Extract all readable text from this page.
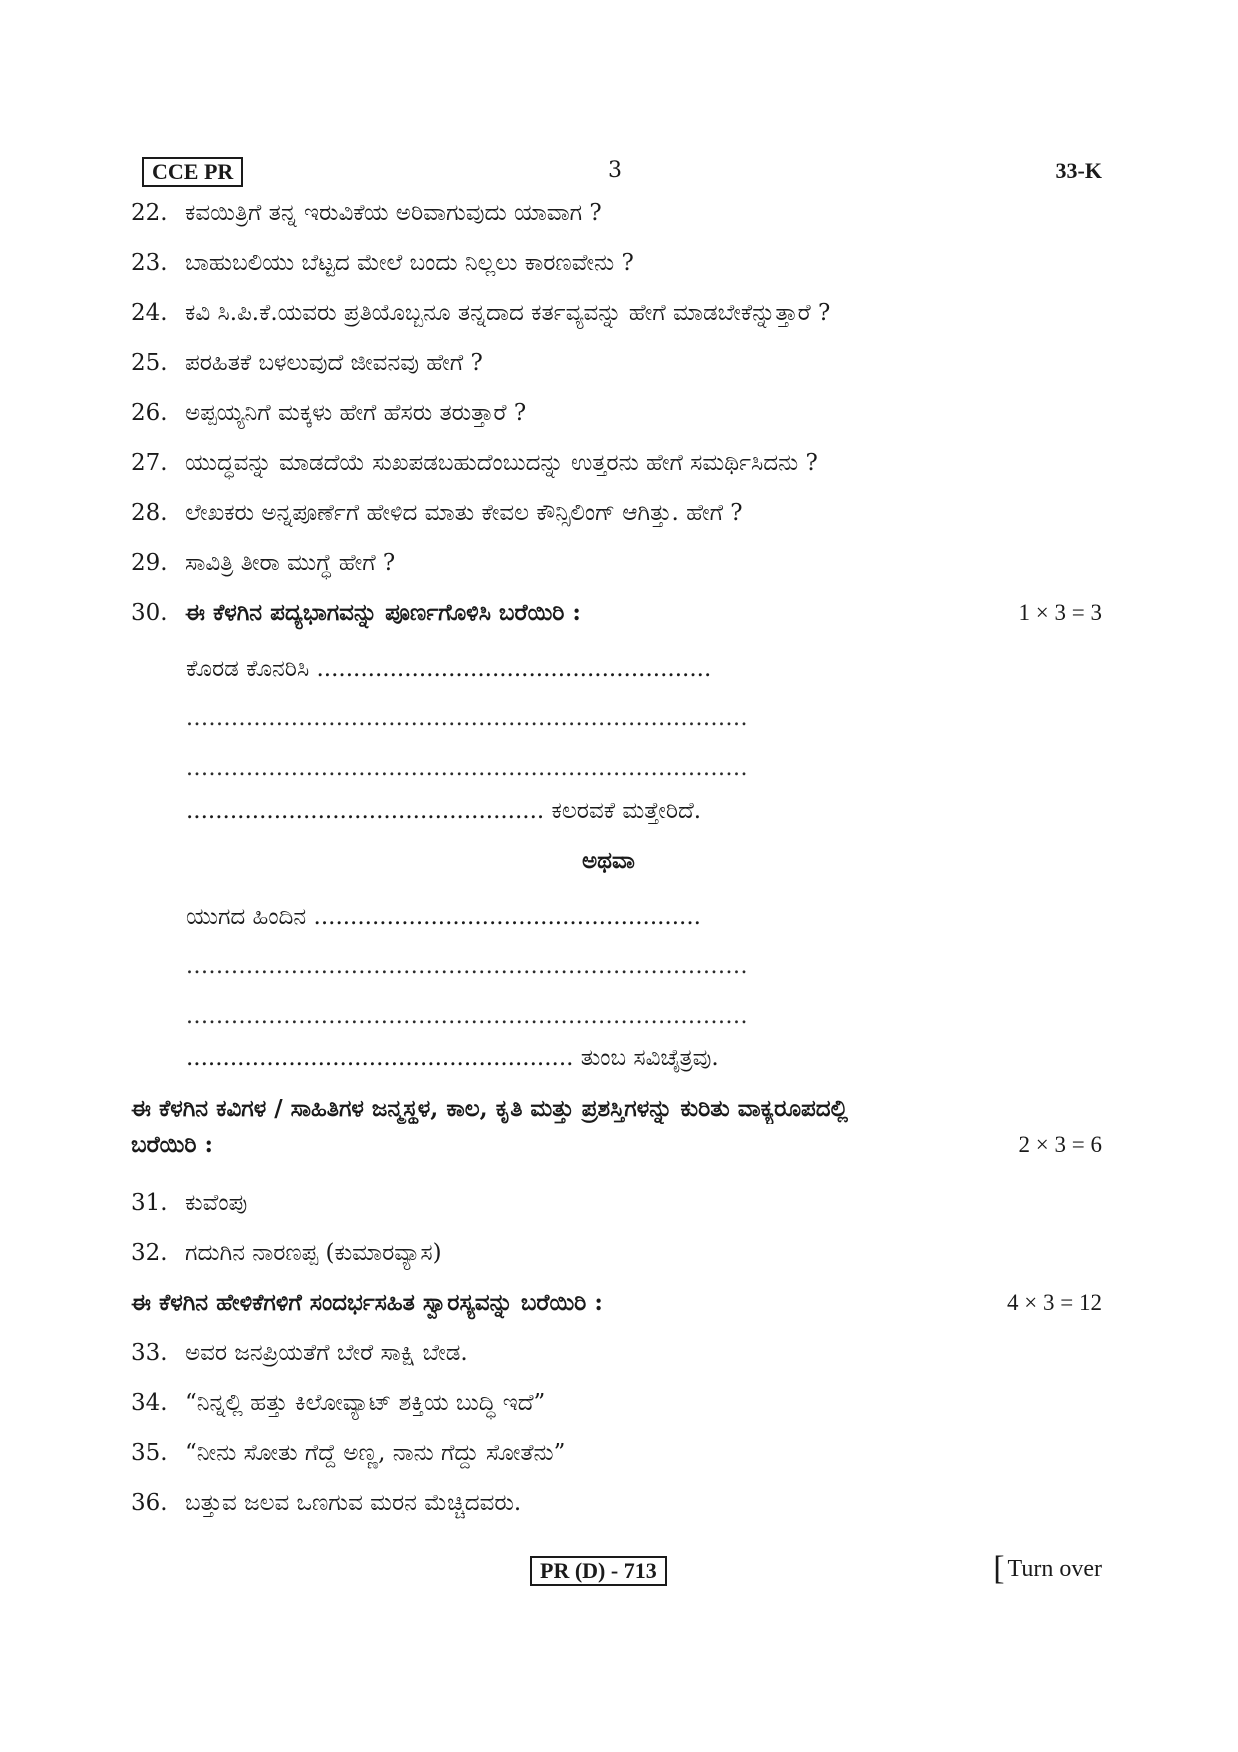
CCE PR	3	33-K
22. ಕವಯಿತ್ರಿಗೆ ತನ್ನ ಇರುವಿಕೆಯ ಅರಿವಾಗುವುದು ಯಾವಾಗ ?
23. ಬಾಹುಬಲಿಯು ಬೆಟ್ಟದ ಮೇಲೆ ಬಂದು ನಿಲ್ಲಲು ಕಾರಣವೇನು ?
24. ಕವಿ ಸಿ.ಪಿ.ಕೆ.ಯವರು ಪ್ರತಿಯೊಬ್ಬನೂ ತನ್ನದಾದ ಕರ್ತವ್ಯವನ್ನು ಹೇಗೆ ಮಾಡಬೇಕೆನ್ನುತ್ತಾರೆ ?
25. ಪರಹಿತಕೆ ಬಳಲುವುದೆ ಜೀವನವು ಹೇಗೆ ?
26. ಅಪ್ಪಯ್ಯನಿಗೆ ಮಕ್ಕಳು ಹೇಗೆ ಹೆಸರು ತರುತ್ತಾರೆ ?
27. ಯುದ್ಧವನ್ನು ಮಾಡದೆಯೆ ಸುಖಪಡಬಹುದೆಂಬುದನ್ನು ಉತ್ತರನು ಹೇಗೆ ಸಮರ್ಥಿಸಿದನು ?
28. ಲೇಖಕರು ಅನ್ನಪೂರ್ಣೆಗೆ ಹೇಳಿದ ಮಾತು ಕೇವಲ ಕೌನ್ಸಿಲಿಂಗ್ ಆಗಿತ್ತು. ಹೇಗೆ ?
29. ಸಾವಿತ್ರಿ ತೀರಾ ಮುಗ್ಧೆ ಹೇಗೆ ?
30. ಈ ಕೆಳಗಿನ ಪದ್ಯಭಾಗವನ್ನು ಪೂರ್ಣಗೊಳಿಸಿ ಬರೆಯಿರಿ :	1 × 3 = 3
ಕೊರಡ ಕೊನರಿಸಿ ......................................................
...........................................................................
...........................................................................
................................................. ಕಲರವಕೆ ಮತ್ತೇರಿದೆ.
ಅಥವಾ
ಯುಗದ ಹಿಂದಿನ .....................................................
...........................................................................
...........................................................................
..................................................... ತುಂಬ ಸವಿಚೈತ್ರವು.
ಈ ಕೆಳಗಿನ ಕವಿಗಳ / ಸಾಹಿತಿಗಳ ಜನ್ಮಸ್ಥಳ, ಕಾಲ, ಕೃತಿ ಮತ್ತು ಪ್ರಶಸ್ತಿಗಳನ್ನು ಕುರಿತು ವಾಕ್ಯರೂಪದಲ್ಲಿ
ಬರೆಯಿರಿ :	2 × 3 = 6
31. ಕುವೆಂಪು
32. ಗದುಗಿನ ನಾರಣಪ್ಪ (ಕುಮಾರವ್ಯಾಸ)
ಈ ಕೆಳಗಿನ ಹೇಳಿಕೆಗಳಿಗೆ ಸಂದರ್ಭಸಹಿತ ಸ್ವಾರಸ್ಯವನ್ನು ಬರೆಯಿರಿ :	4 × 3 = 12
33. ಅವರ ಜನಪ್ರಿಯತೆಗೆ ಬೇರೆ ಸಾಕ್ಷಿ ಬೇಡ.
34. “ನಿನ್ನಲ್ಲಿ ಹತ್ತು ಕಿಲೋವ್ಯಾಟ್ ಶಕ್ತಿಯ ಬುದ್ಧಿ ಇದೆ”
35. “ನೀನು ಸೋತು ಗೆದ್ದೆ ಅಣ್ಣ, ನಾನು ಗೆದ್ದು ಸೋತೆನು”
36. ಬತ್ತುವ ಜಲವ ಒಣಗುವ ಮರನ ಮೆಚ್ಚಿದವರು.
PR (D) - 713	[ Turn over
